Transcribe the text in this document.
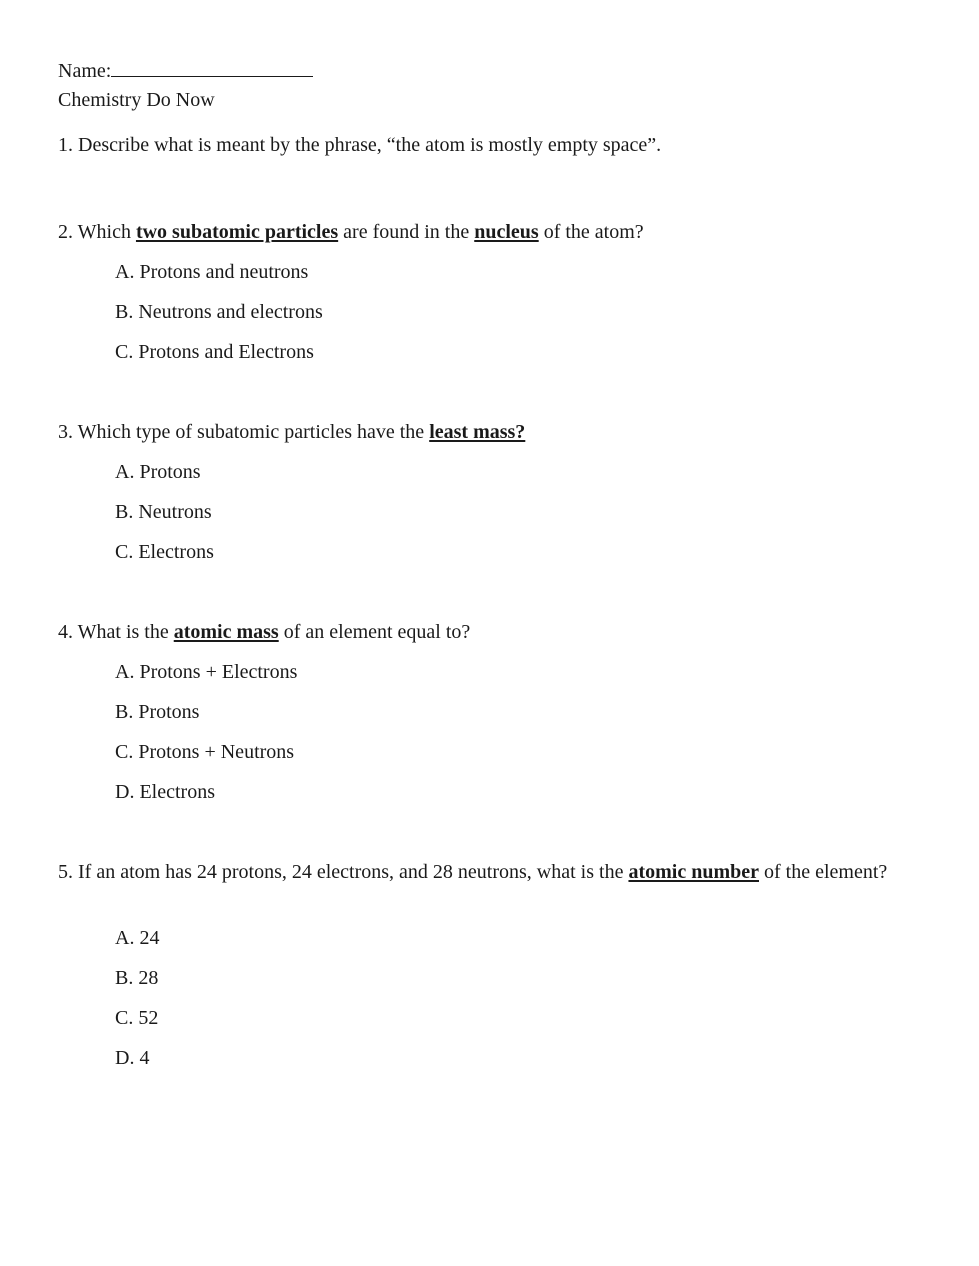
Name:
Chemistry Do Now
1. Describe what is meant by the phrase, “the atom is mostly empty space”.
2. Which two subatomic particles are found in the nucleus of the atom?
A. Protons and neutrons
B. Neutrons and electrons
C. Protons and Electrons
3. Which type of subatomic particles have the least mass?
A. Protons
B. Neutrons
C. Electrons
4. What is the atomic mass of an element equal to?
A. Protons + Electrons
B. Protons
C. Protons + Neutrons
D. Electrons
5. If an atom has 24 protons, 24 electrons, and 28 neutrons, what is the atomic number of the element?
A. 24
B. 28
C. 52
D. 4
